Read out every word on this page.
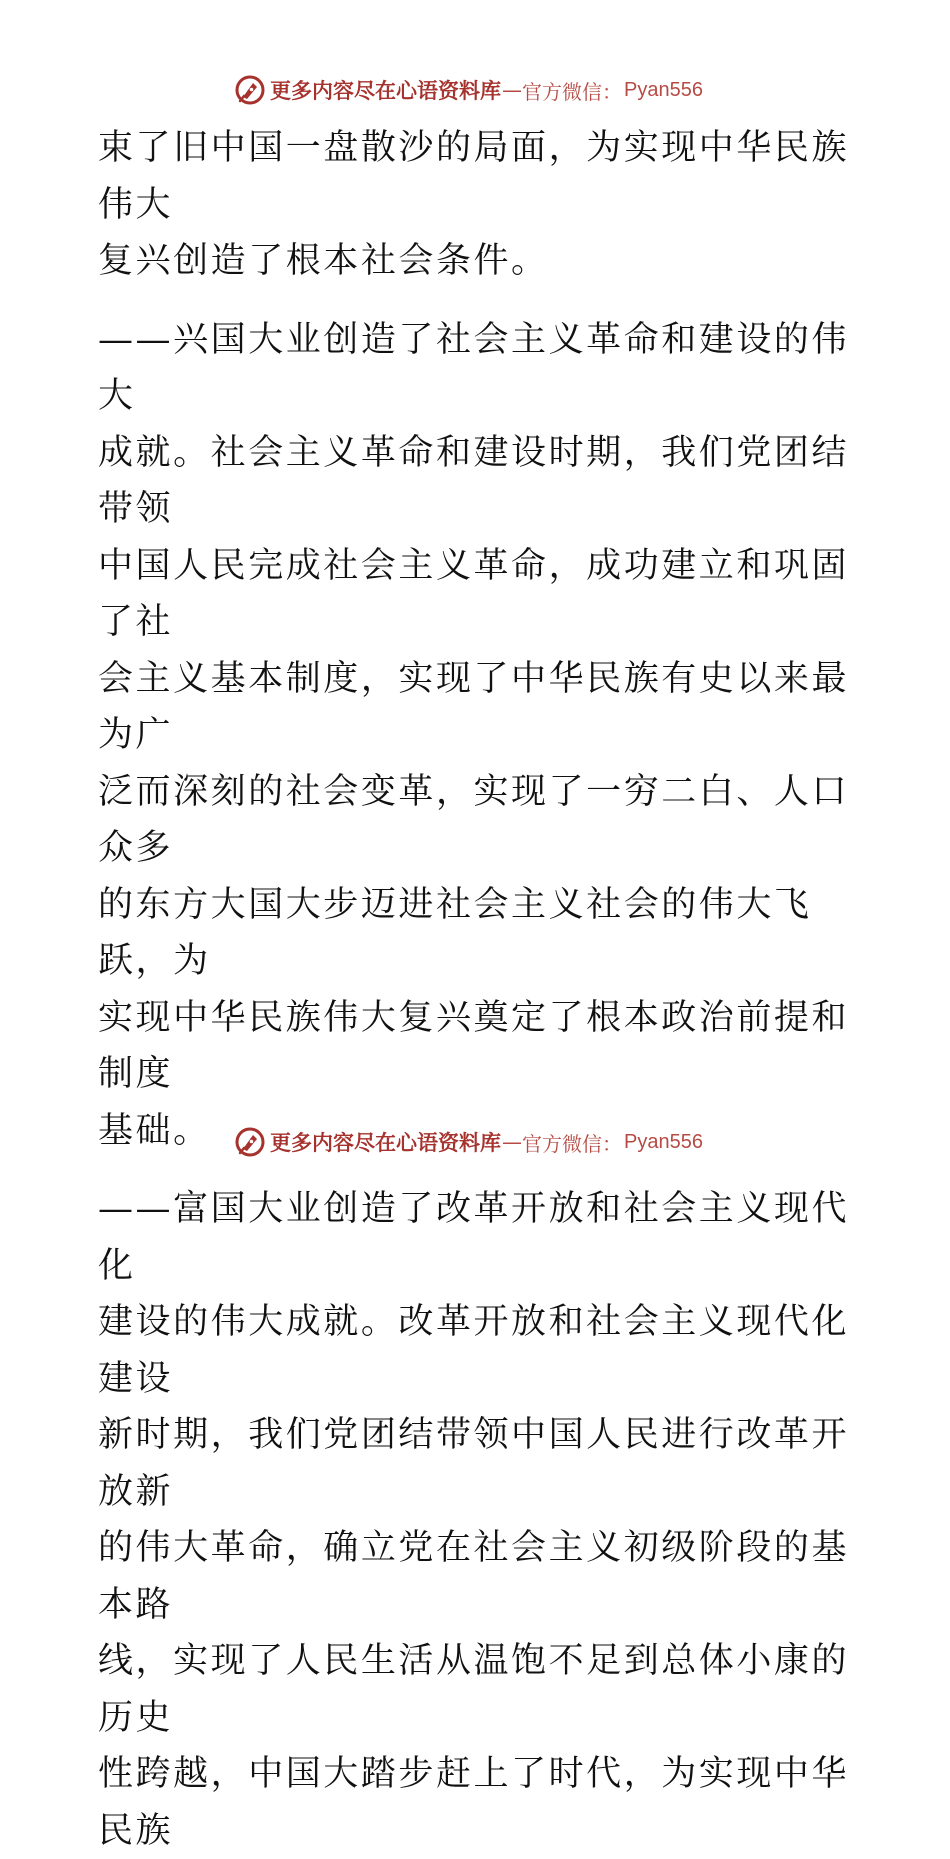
更多内容尽在心语资料库 — 官方微信： Pyan556

束了旧中国一盘散沙的局面，为实现中华民族伟大
复兴创造了根本社会条件。

——兴国大业创造了社会主义革命和建设的伟大
成就。社会主义革命和建设时期，我们党团结带领
中国人民完成社会主义革命，成功建立和巩固了社
会主义基本制度，实现了中华民族有史以来最为广
泛而深刻的社会变革，实现了一穷二白、人口众多
的东方大国大步迈进社会主义社会的伟大飞跃，为
实现中华民族伟大复兴奠定了根本政治前提和制度
基础。

——富国大业创造了改革开放和社会主义现代化
建设的伟大成就。改革开放和社会主义现代化建设
新时期，我们党团结带领中国人民进行改革开放新
的伟大革命，确立党在社会主义初级阶段的基本路
线，实现了人民生活从温饱不足到总体小康的历史
性跨越，中国大踏步赶上了时代，为实现中华民族

更多内容尽在心语资料库 — 官方微信： Pyan556
